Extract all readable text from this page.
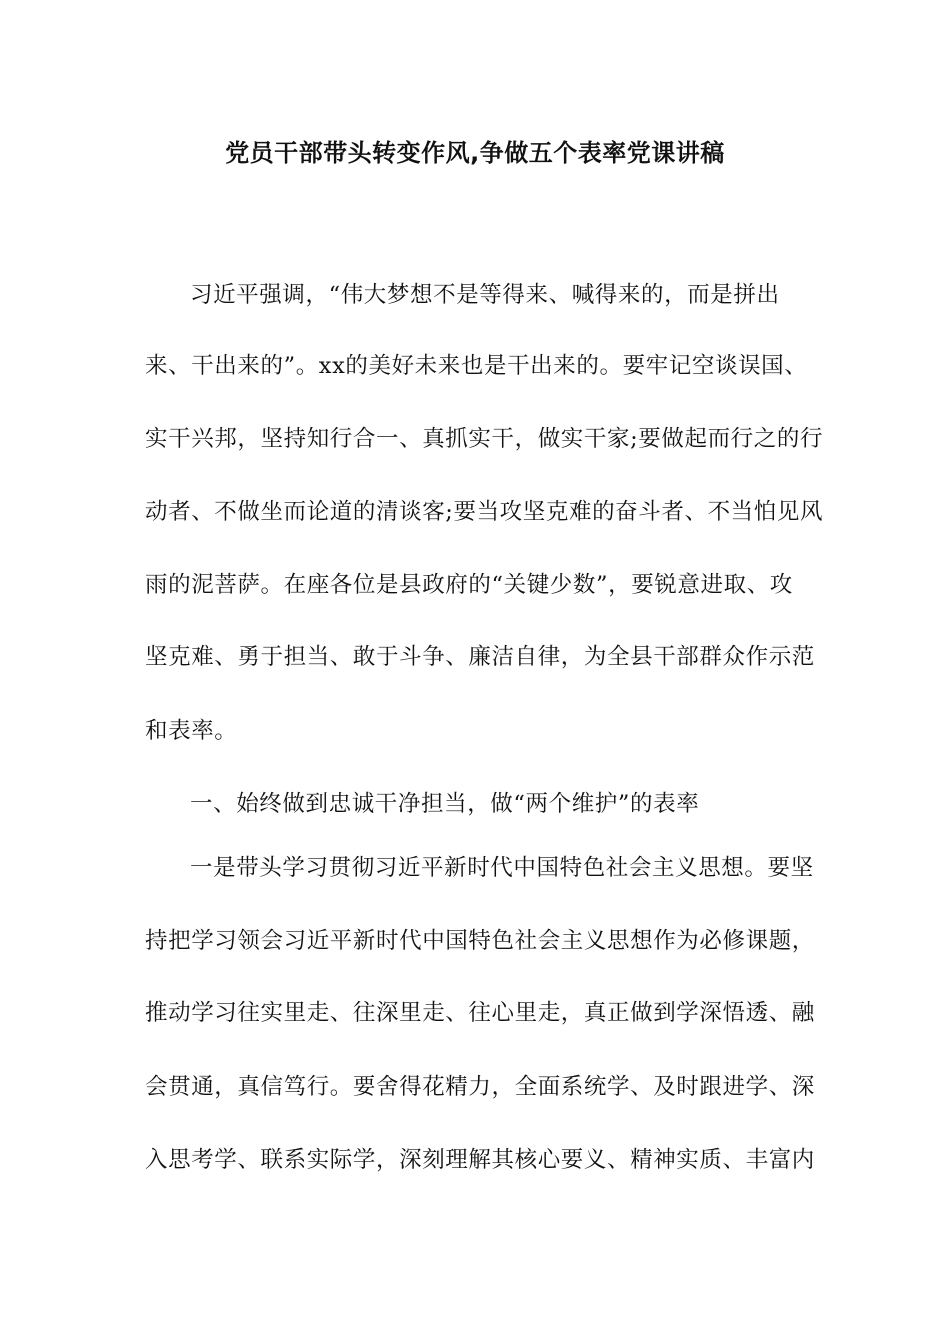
党员干部带头转变作风,争做五个表率党课讲稿
习近平强调，“伟大梦想不是等得来、喊得来的，而是拼出
来、干出来的”。xx的美好未来也是干出来的。要牢记空谈误国、
实干兴邦，坚持知行合一、真抓实干，做实干家;要做起而行之的行
动者、不做坐而论道的清谈客;要当攻坚克难的奋斗者、不当怕见风
雨的泥菩萨。在座各位是县政府的“关键少数”，要锐意进取、攻
坚克难、勇于担当、敢于斗争、廉洁自律，为全县干部群众作示范
和表率。
一、始终做到忠诚干净担当，做“两个维护”的表率
一是带头学习贯彻习近平新时代中国特色社会主义思想。要坚
持把学习领会习近平新时代中国特色社会主义思想作为必修课题，
推动学习往实里走、往深里走、往心里走，真正做到学深悟透、融
会贯通，真信笃行。要舍得花精力，全面系统学、及时跟进学、深
入思考学、联系实际学，深刻理解其核心要义、精神实质、丰富内
